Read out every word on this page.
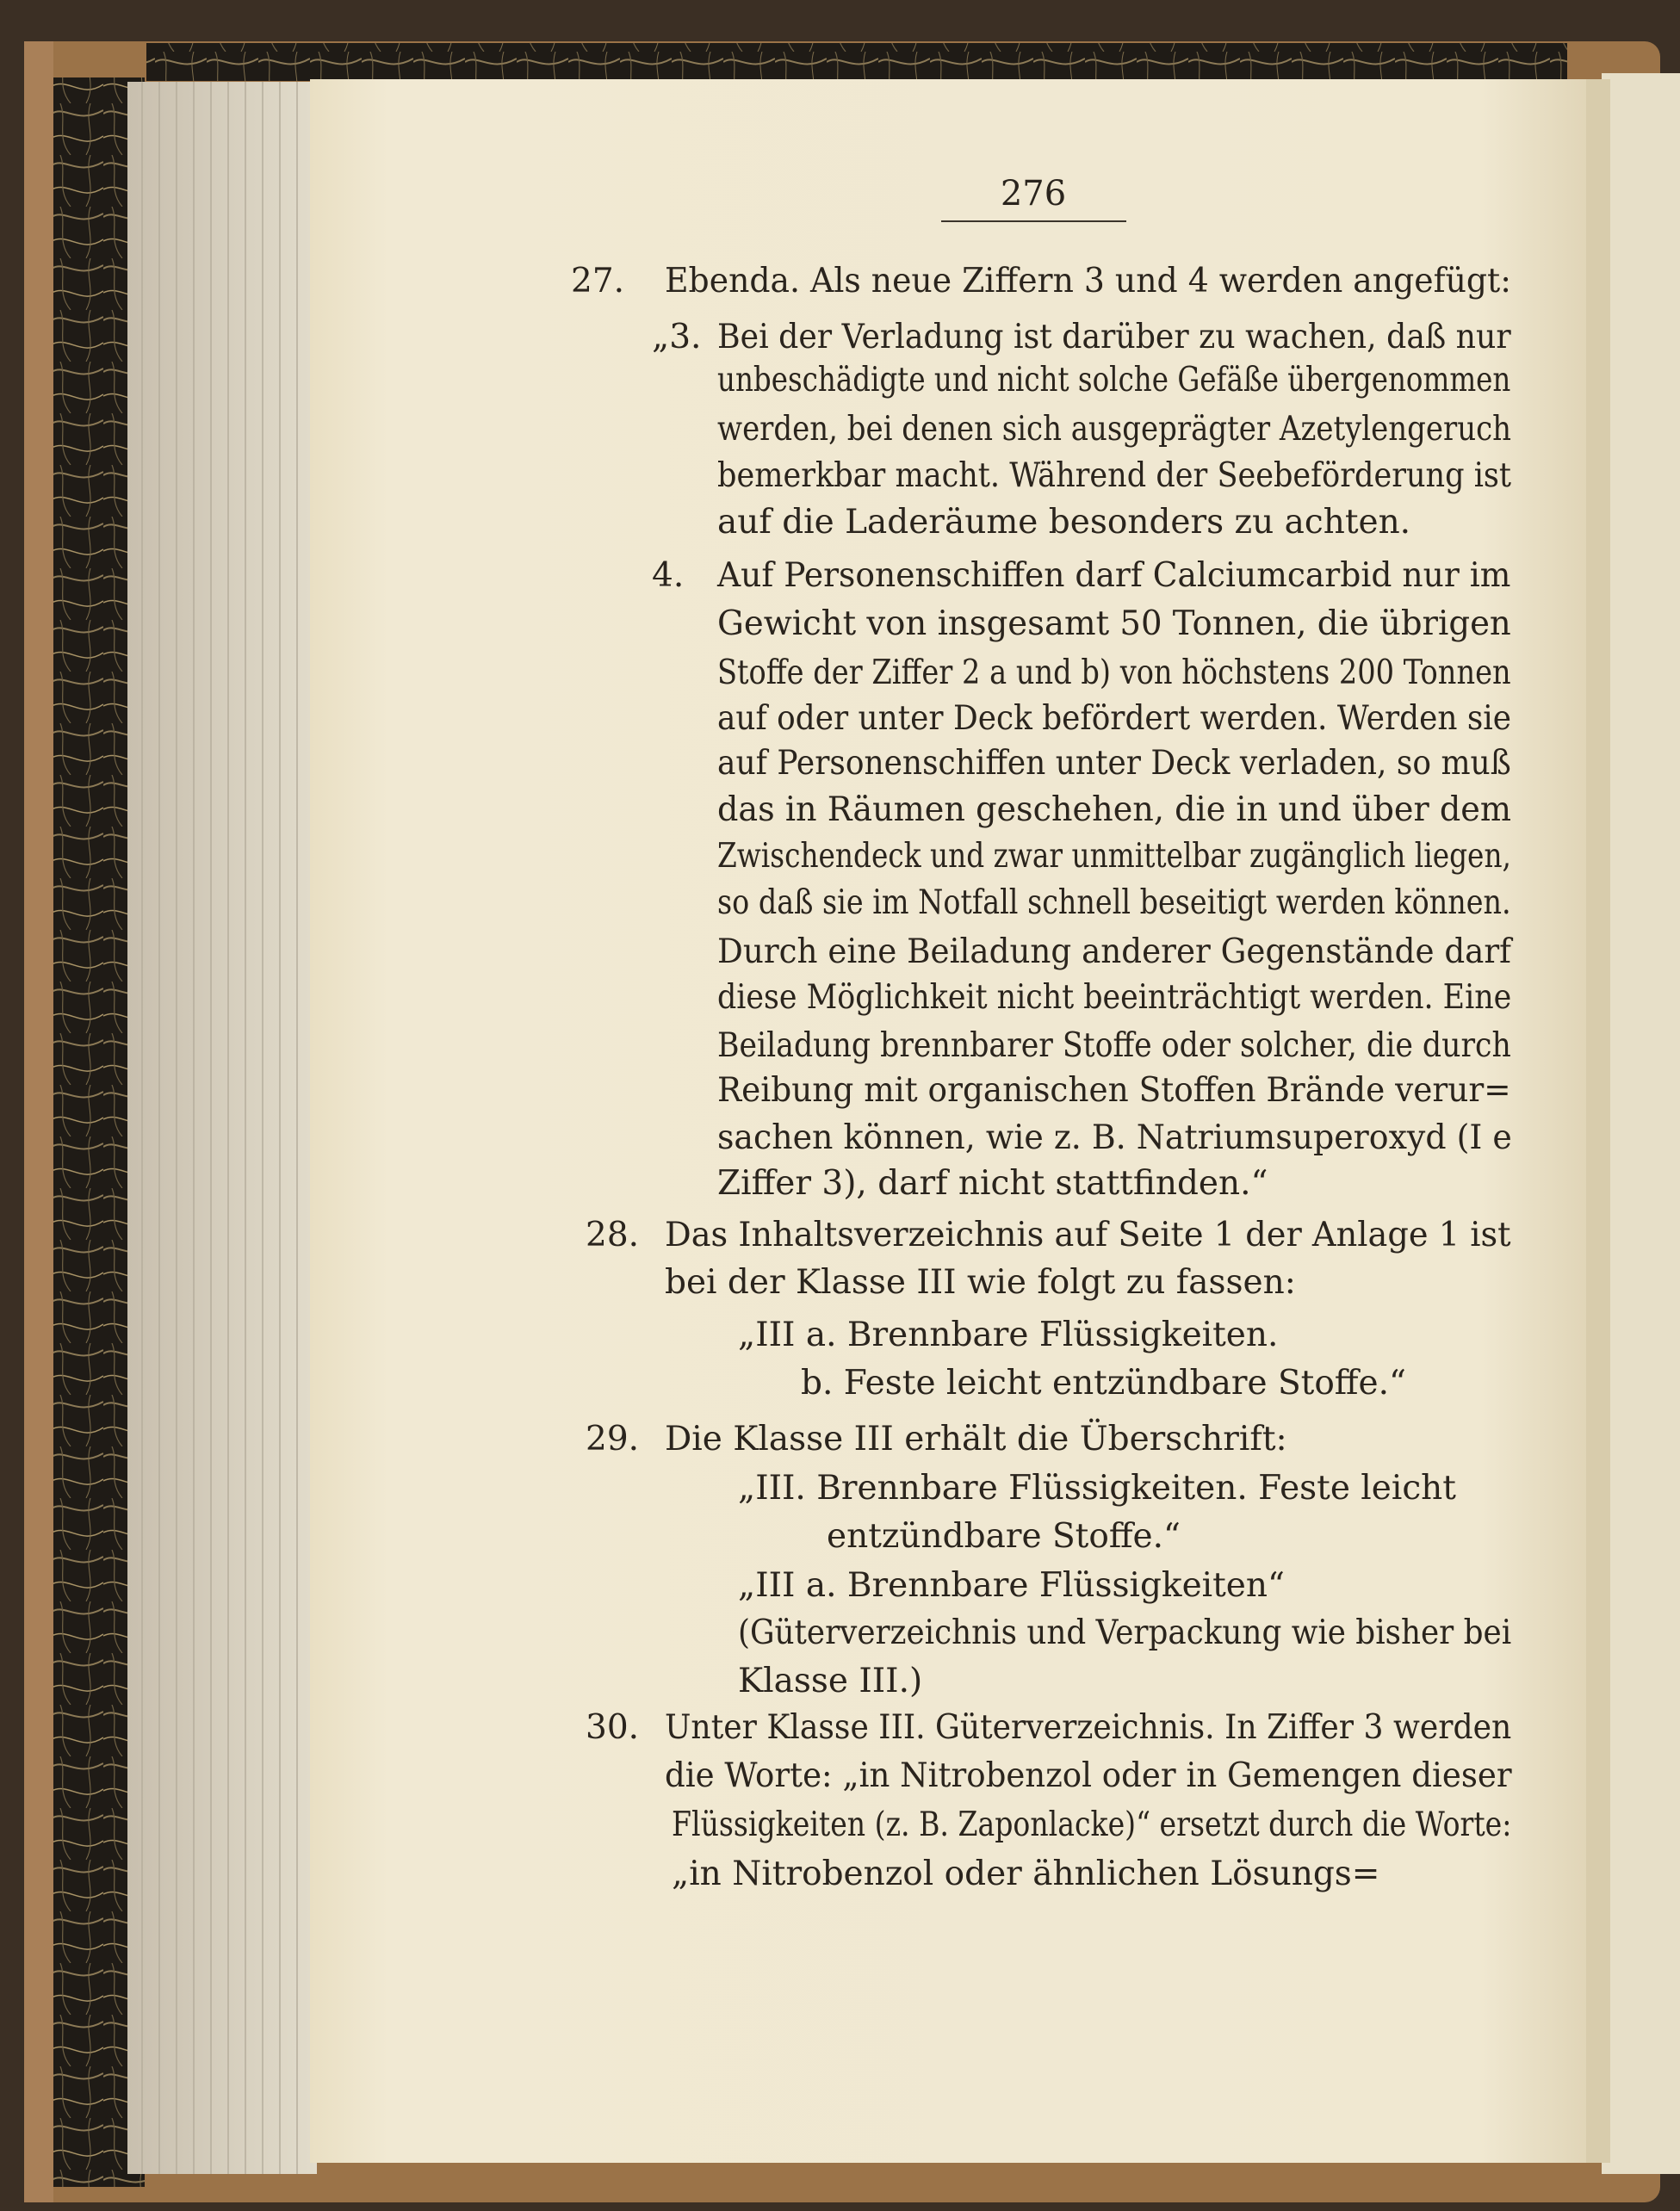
276
27. Ebenda. Als neue Ziffern 3 und 4 werden angefügt:
„3. Bei der Verladung ist darüber zu wachen, daß nur
unbeschädigte und nicht solche Gefäße übergenommen
werden, bei denen sich ausgeprägter Azetylengeruch
bemerkbar macht. Während der Seebeförderung ist
auf die Laderäume besonders zu achten.
4. Auf Personenschiffen darf Calciumcarbid nur im
Gewicht von insgesamt 50 Tonnen, die übrigen
Stoffe der Ziffer 2 a und b) von höchstens 200 Tonnen
auf oder unter Deck befördert werden. Werden sie
auf Personenschiffen unter Deck verladen, so muß
das in Räumen geschehen, die in und über dem
Zwischendeck und zwar unmittelbar zugänglich liegen,
so daß sie im Notfall schnell beseitigt werden können.
Durch eine Beiladung anderer Gegenstände darf
diese Möglichkeit nicht beeinträchtigt werden. Eine
Beiladung brennbarer Stoffe oder solcher, die durch
Reibung mit organischen Stoffen Brände verur=
sachen können, wie z. B. Natriumsuperoxyd (I e
Ziffer 3), darf nicht stattfinden.“
28. Das Inhaltsverzeichnis auf Seite 1 der Anlage 1 ist
bei der Klasse III wie folgt zu fassen:
„III a. Brennbare Flüssigkeiten.
b. Feste leicht entzündbare Stoffe.“
29. Die Klasse III erhält die Überschrift:
„III. Brennbare Flüssigkeiten. Feste leicht
entzündbare Stoffe.“
„III a. Brennbare Flüssigkeiten“
(Güterverzeichnis und Verpackung wie bisher bei
Klasse III.)
30. Unter Klasse III. Güterverzeichnis. In Ziffer 3 werden
die Worte: „in Nitrobenzol oder in Gemengen dieser
Flüssigkeiten (z. B. Zaponlacke)“ ersetzt durch die Worte:
„in Nitrobenzol oder ähnlichen Lösungs=
